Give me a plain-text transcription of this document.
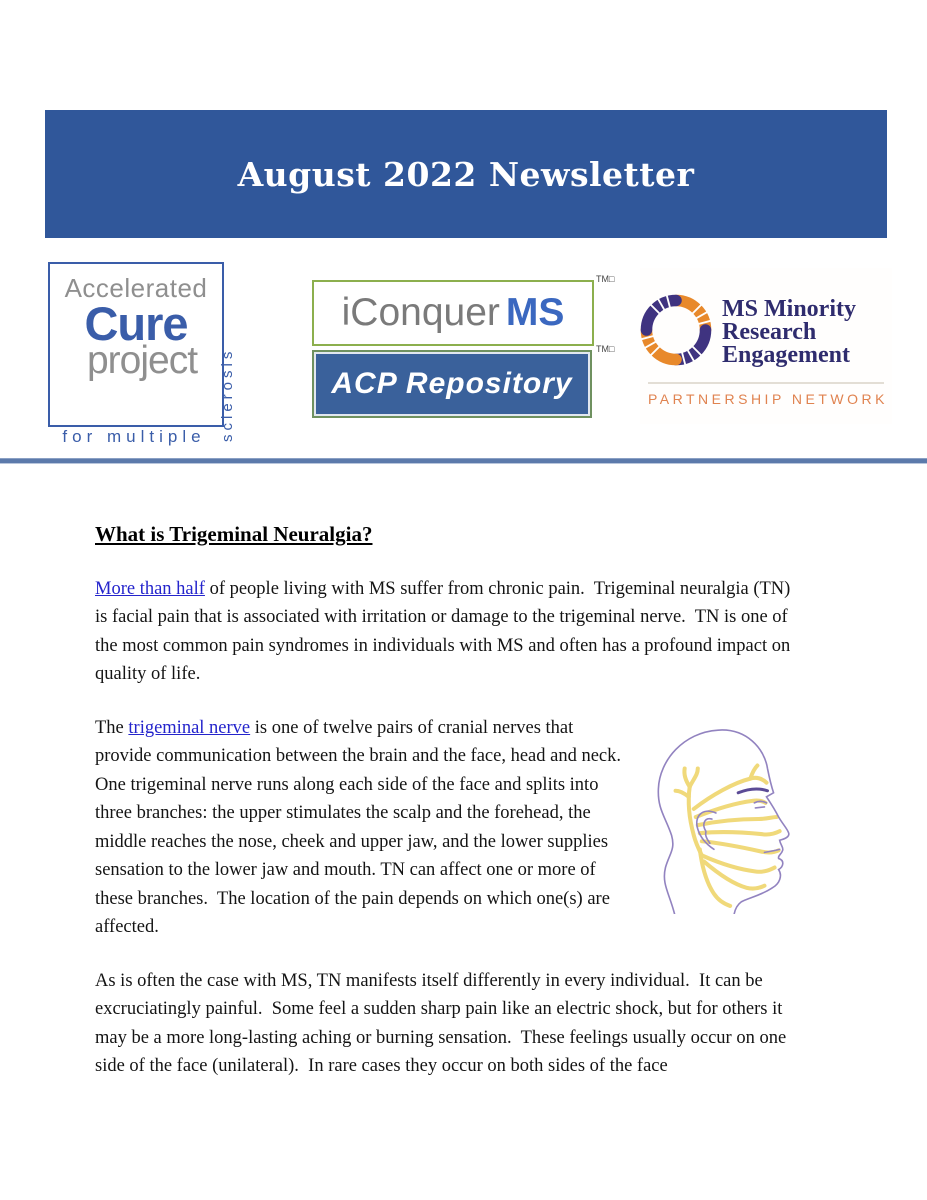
August 2022 Newsletter
Accelerated
Cure
project	sclerosis
for multiple
iConquer MS
TM□
ACP Repository
TM□
MS Minority
Research
Engagement
PARTNERSHIP NETWORK
What is Trigeminal Neuralgia?

More than half of people living with MS suffer from chronic pain.  Trigeminal neuralgia (TN) is facial pain that is associated with irritation or damage to the trigeminal nerve.  TN is one of the most common pain syndromes in individuals with MS and often has a profound impact on quality of life.

The trigeminal nerve is one of twelve pairs of cranial nerves that provide communication between the brain and the face, head and neck.  One trigeminal nerve runs along each side of the face and splits into three branches: the upper stimulates the scalp and the forehead, the middle reaches the nose, cheek and upper jaw, and the lower supplies sensation to the lower jaw and mouth. TN can affect one or more of these branches.  The location of the pain depends on which one(s) are affected.

As is often the case with MS, TN manifests itself differently in every individual.  It can be excruciatingly painful.  Some feel a sudden sharp pain like an electric shock, but for others it may be a more long-lasting aching or burning sensation.  These feelings usually occur on one side of the face (unilateral).  In rare cases they occur on both sides of the face
